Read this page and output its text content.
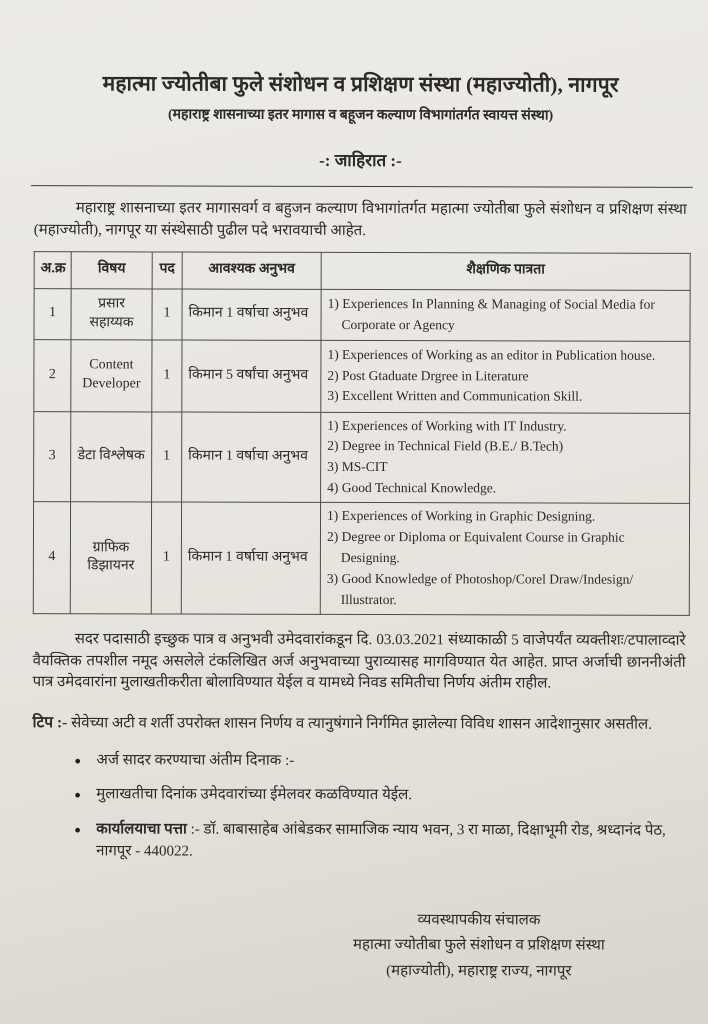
महात्मा ज्योतीबा फुले संशोधन व प्रशिक्षण संस्था (महाज्योती), नागपूर
(महाराष्ट्र शासनाच्या इतर मागास व बहूजन कल्याण विभागांतर्गत स्वायत्त संस्था)
-: जाहिरात :-

महाराष्ट्र शासनाच्या इतर मागासवर्ग व बहुजन कल्याण विभागांतर्गत महात्मा ज्योतीबा फुले संशोधन व प्रशिक्षण संस्था (महाज्योती), नागपूर या संस्थेसाठी पुढील पदे भरावयाची आहेत.

अ.क्र	विषय	पद	आवश्यक अनुभव	शैक्षणिक पात्रता
1	प्रसार सहाय्यक	1	किमान 1 वर्षाचा अनुभव	1) Experiences In Planning & Managing of Social Media for Corporate or Agency

2	Content Developer	1	किमान 5 वर्षांचा अनुभव	1) Experiences of Working as an editor in Publication house.
2) Post Gtaduate Drgree in Literature
3) Excellent Written and Communication Skill.

3	डेटा विश्लेषक	1	किमान 1 वर्षाचा अनुभव	1) Experiences of Working with IT Industry.
2) Degree in Technical Field (B.E./ B.Tech)
3) MS-CIT
4) Good Technical Knowledge.

4	ग्राफिक डिझायनर	1	किमान 1 वर्षाचा अनुभव	1) Experiences of Working in Graphic Designing.
2) Degree or Diploma or Equivalent Course in Graphic Designing.
3) Good Knowledge of Photoshop/Corel Draw/Indesign/ Illustrator.

सदर पदासाठी इच्छुक पात्र व अनुभवी उमेदवारांकडून दि. 03.03.2021 संध्याकाळी 5 वाजेपर्यंत व्यक्तीशः/टपालाव्दारे वैयक्तिक तपशील नमूद असलेले टंकलिखित अर्ज अनुभवाच्या पुराव्यासह मागविण्यात येत आहेत. प्राप्त अर्जाची छाननीअंती पात्र उमेदवारांना मुलाखतीकरीता बोलाविण्यात येईल व यामध्ये निवड समितीचा निर्णय अंतीम राहील.

टिप :- सेवेच्या अटी व शर्ती उपरोक्त शासन निर्णय व त्यानुषंगाने निर्गमित झालेल्या विविध शासन आदेशानुसार असतील.

● अर्ज सादर करण्याचा अंतीम दिनाक :-
● मुलाखतीचा दिनांक उमेदवारांच्या ईमेलवर कळविण्यात येईल.
● कार्यालयाचा पत्ता :- डॉ. बाबासाहेब आंबेडकर सामाजिक न्याय भवन, 3 रा माळा, दिक्षाभूमी रोड, श्रध्दानंद पेठ, नागपूर - 440022.
व्यवस्थापकीय संचालक
महात्मा ज्योतीबा फुले संशोधन व प्रशिक्षण संस्था
(महाज्योती), महाराष्ट्र राज्य, नागपूर
